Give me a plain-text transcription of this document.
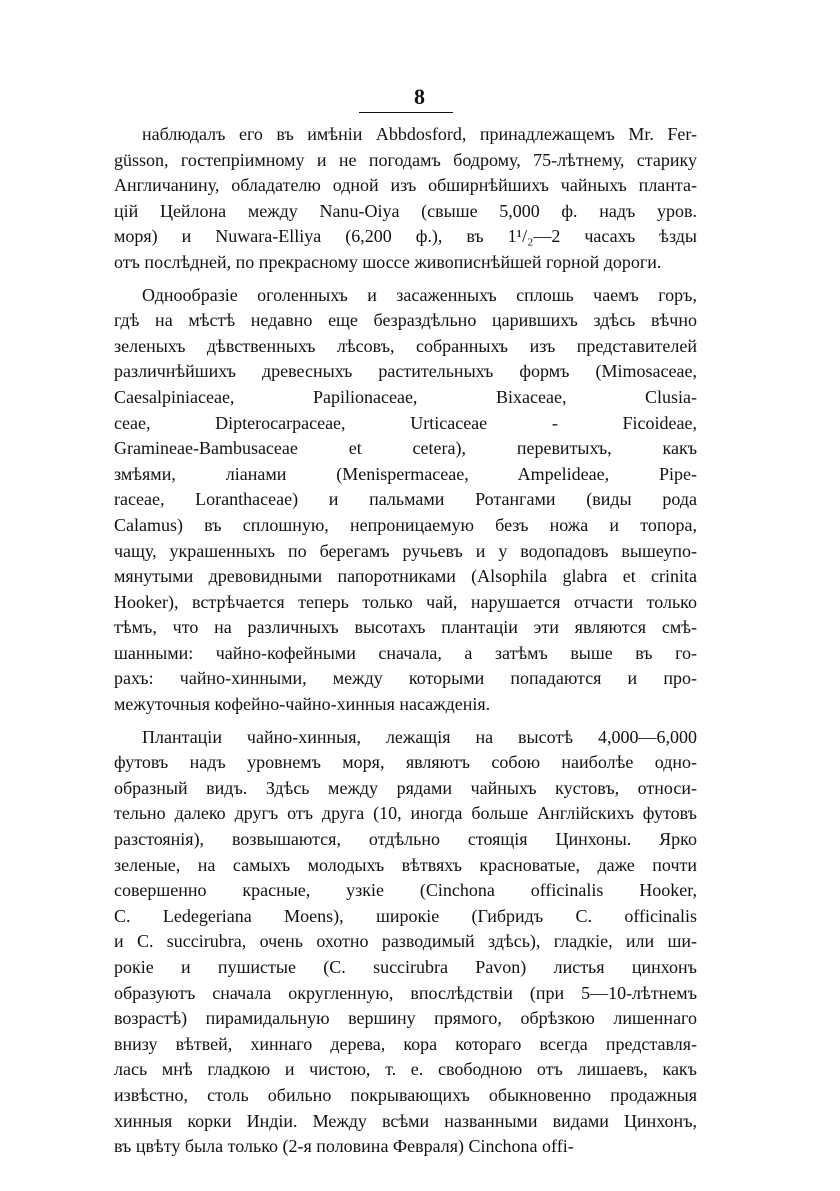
8
наблюдалъ его въ имѣніи Abbdosford, принадлежащемъ Mr. Fer-
güsson, гостепріимному и не погодамъ бодрому, 75-лѣтнему, старику
Англичанину, обладателю одной изъ обширнѣйшихъ чайныхъ планта-
цій Цейлона между Nanu-Oiya (свыше 5,000 ф. надъ уров.
моря) и Nuwara-Elliya (6,200 ф.), въ 1¹/₂—2 часахъ ѣзды
отъ послѣдней, по прекрасному шоссе живописнѣйшей горной дороги.
Однообразіе оголенныхъ и засаженныхъ сплошь чаемъ горъ,
гдѣ на мѣстѣ недавно еще безраздѣльно царившихъ здѣсь вѣчно
зеленыхъ дѣвственныхъ лѣсовъ, собранныхъ изъ представителей
различнѣйшихъ древесныхъ растительныхъ формъ (Mimosaceae,
Caesalpiniaceae, Papilionaceae, Bixaceae, Clusia-
ceae, Dipterocarpaceae, Urticaceae - Ficoideae,
Gramineae-Bambusaceae et cetera), перевитыхъ, какъ
змѣями, ліанами (Menispermaceae, Ampelideae, Pipe-
raceae, Loranthaceae) и пальмами Ротангами (виды рода
Calamus) въ сплошную, непроницаемую безъ ножа и топора,
чащу, украшенныхъ по берегамъ ручьевъ и у водопадовъ вышеупо-
мянутыми древовидными папоротниками (Alsophila glabra et crinita
Hooker), встрѣчается теперь только чай, нарушается отчасти только
тѣмъ, что на различныхъ высотахъ плантаціи эти являются смѣ-
шанными: чайно-кофейными сначала, а затѣмъ выше въ го-
рахъ: чайно-хинными, между которыми попадаются и про-
межуточныя кофейно-чайно-хинныя насажденія.
Плантаціи чайно-хинныя, лежащія на высотѣ 4,000—6,000
футовъ надъ уровнемъ моря, являютъ собою наиболѣе одно-
образный видъ. Здѣсь между рядами чайныхъ кустовъ, относи-
тельно далеко другъ отъ друга (10, иногда больше Англійскихъ футовъ
разстоянія), возвышаются, отдѣльно стоящія Цинхоны. Ярко
зеленые, на самыхъ молодыхъ вѣтвяхъ красноватые, даже почти
совершенно красные, узкіе (Cinchona officinalis Hooker,
C. Ledegeriana Moens), широкіе (Гибридъ C. officinalis
и C. succirubra, очень охотно разводимый здѣсь), гладкіе, или ши-
рокіе и пушистые (C. succirubra Pavon) листья цинхонъ
образуютъ сначала округленную, впослѣдствіи (при 5—10-лѣтнемъ
возрастѣ) пирамидальную вершину прямого, обрѣзкою лишеннаго
внизу вѣтвей, хиннаго дерева, кора котораго всегда представля-
лась мнѣ гладкою и чистою, т. е. свободною отъ лишаевъ, какъ
извѣстно, столь обильно покрывающихъ обыкновенно продажныя
хинныя корки Индіи. Между всѣми названными видами Цинхонъ,
въ цвѣту была только (2-я половина Февраля) Cinchona offi-
